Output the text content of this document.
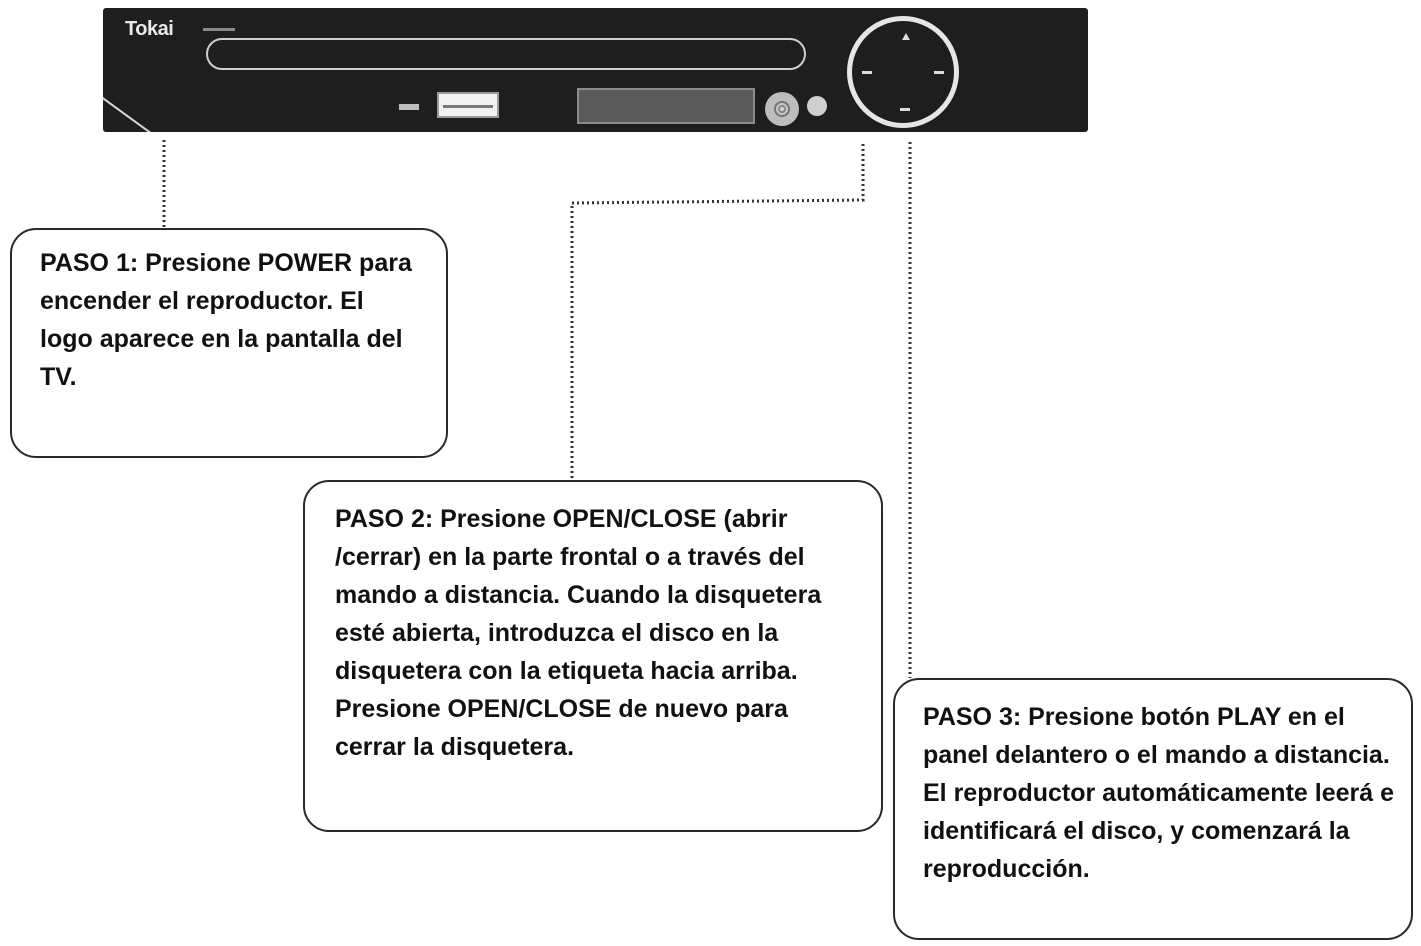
Tokai
PASO 1: Presione POWER para encender el reproductor. El logo aparece en la pantalla del TV.
PASO 2: Presione OPEN/CLOSE (abrir /cerrar) en la parte frontal o a través del mando a distancia. Cuando la disquetera esté abierta, introduzca el disco en la disquetera con la etiqueta hacia arriba. Presione OPEN/CLOSE de nuevo para cerrar la disquetera.
PASO 3: Presione botón PLAY en el panel delantero o el mando a distancia. El reproductor automáticamente leerá e identificará el disco, y comenzará la reproducción.
